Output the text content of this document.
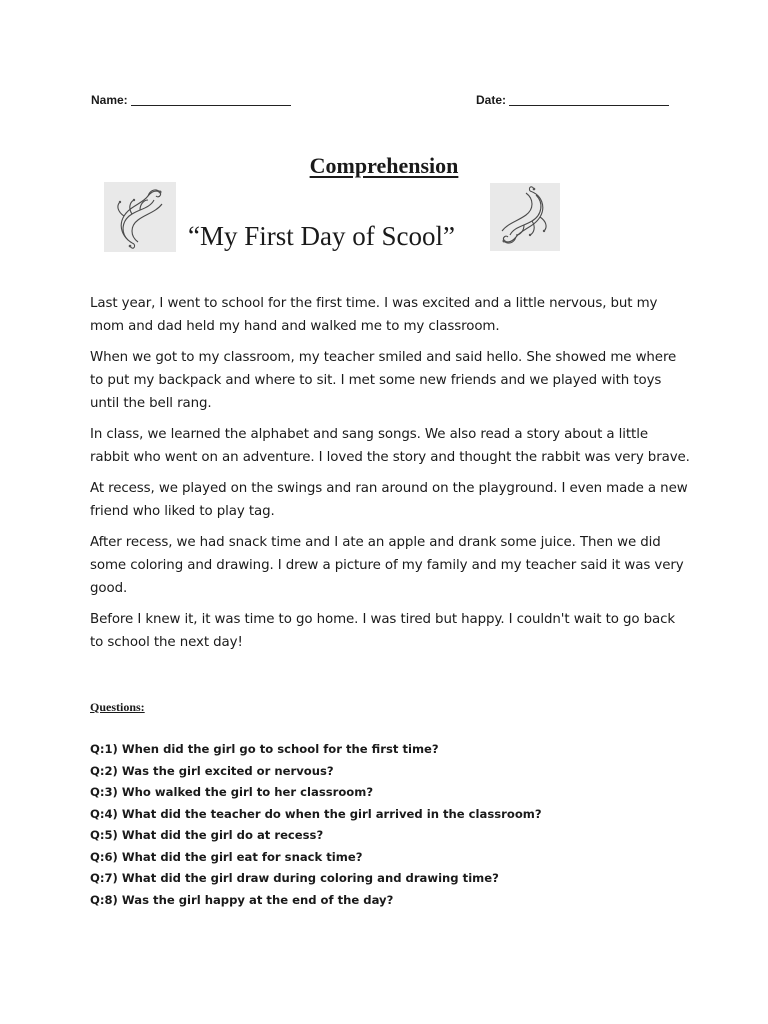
Name:	Date:
Comprehension
“My First Day of Scool”

Last year, I went to school for the first time. I was excited and a little nervous, but my mom and dad held my hand and walked me to my classroom.

When we got to my classroom, my teacher smiled and said hello. She showed me where to put my backpack and where to sit. I met some new friends and we played with toys until the bell rang.

In class, we learned the alphabet and sang songs. We also read a story about a little rabbit who went on an adventure. I loved the story and thought the rabbit was very brave.

At recess, we played on the swings and ran around on the playground. I even made a new friend who liked to play tag.

After recess, we had snack time and I ate an apple and drank some juice. Then we did some coloring and drawing. I drew a picture of my family and my teacher said it was very good.

Before I knew it, it was time to go home. I was tired but happy. I couldn't wait to go back to school the next day!

Questions:
Q:1) When did the girl go to school for the first time?
Q:2) Was the girl excited or nervous?
Q:3) Who walked the girl to her classroom?
Q:4) What did the teacher do when the girl arrived in the classroom?
Q:5) What did the girl do at recess?
Q:6) What did the girl eat for snack time?
Q:7) What did the girl draw during coloring and drawing time?
Q:8) Was the girl happy at the end of the day?
